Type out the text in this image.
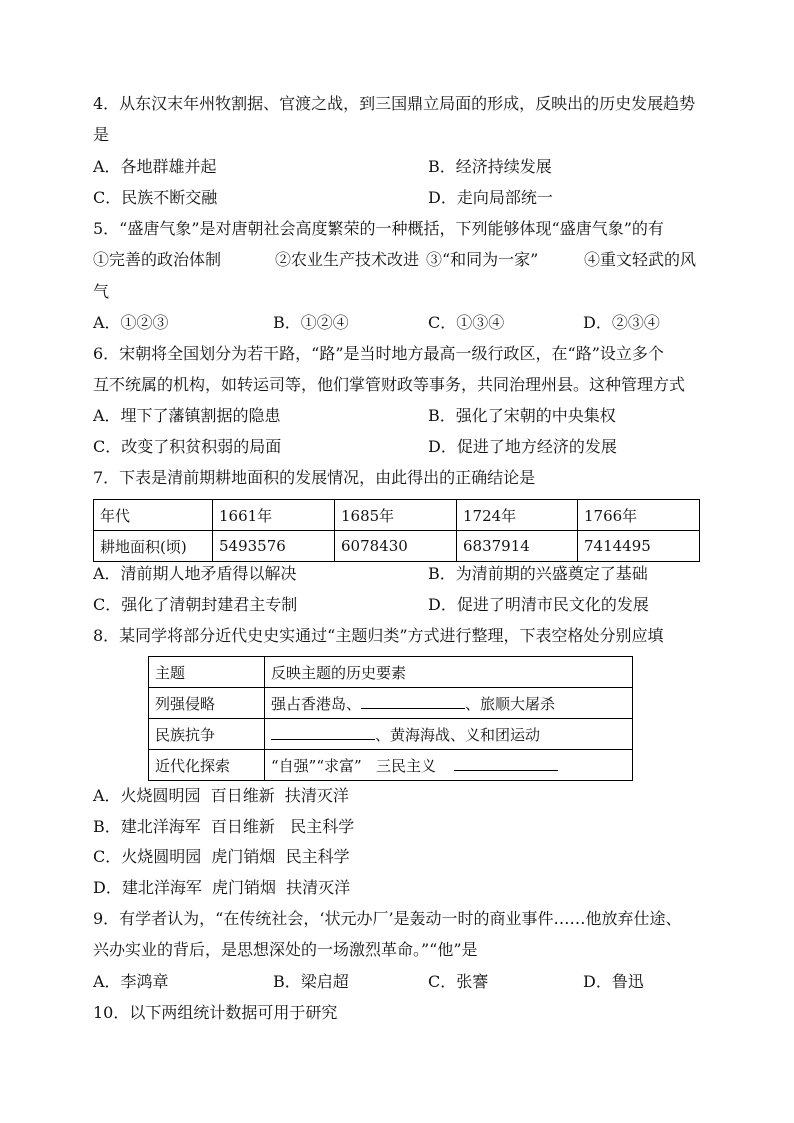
4．从东汉末年州牧割据、官渡之战，到三国鼎立局面的形成，反映出的历史发展趋势
是
A．各地群雄并起	B．经济持续发展
C．民族不断交融	D．走向局部统一
5．“盛唐气象”是对唐朝社会高度繁荣的一种概括，下列能够体现“盛唐气象”的有
①完善的政治体制	②农业生产技术改进 ③“和同为一家”	④重文轻武的风
气
A．①②③	B．①②④	C．①③④	D．②③④
6．宋朝将全国划分为若干路，“路”是当时地方最高一级行政区，在“路”设立多个
互不统属的机构，如转运司等，他们掌管财政等事务，共同治理州县。这种管理方式
A．埋下了藩镇割据的隐患	B．强化了宋朝的中央集权
C．改变了积贫积弱的局面	D．促进了地方经济的发展
7．下表是清前期耕地面积的发展情况，由此得出的正确结论是
年代	1661年	1685年	1724年	1766年
耕地面积(顷)	5493576	6078430	6837914	7414495
A．清前期人地矛盾得以解决	B．为清前期的兴盛奠定了基础
C．强化了清朝封建君主专制	D．促进了明清市民文化的发展
8．某同学将部分近代史史实通过“主题归类”方式进行整理，下表空格处分别应填
主题	反映主题的历史要素
列强侵略	强占香港岛、 、旅顺大屠杀
民族抗争	、黄海海战、义和团运动
近代化探索	“自强”“求富”   三民主义
A．火烧圆明园  百日维新  扶清灭洋
B．建北洋海军  百日维新   民主科学
C．火烧圆明园  虎门销烟  民主科学
D．建北洋海军  虎门销烟  扶清灭洋
9．有学者认为，“在传统社会，‘状元办厂’是轰动一时的商业事件……他放弃仕途、
兴办实业的背后，是思想深处的一场激烈革命。”“他”是
A．李鸿章	B．梁启超	C．张謇	D．鲁迅
10．以下两组统计数据可用于研究
